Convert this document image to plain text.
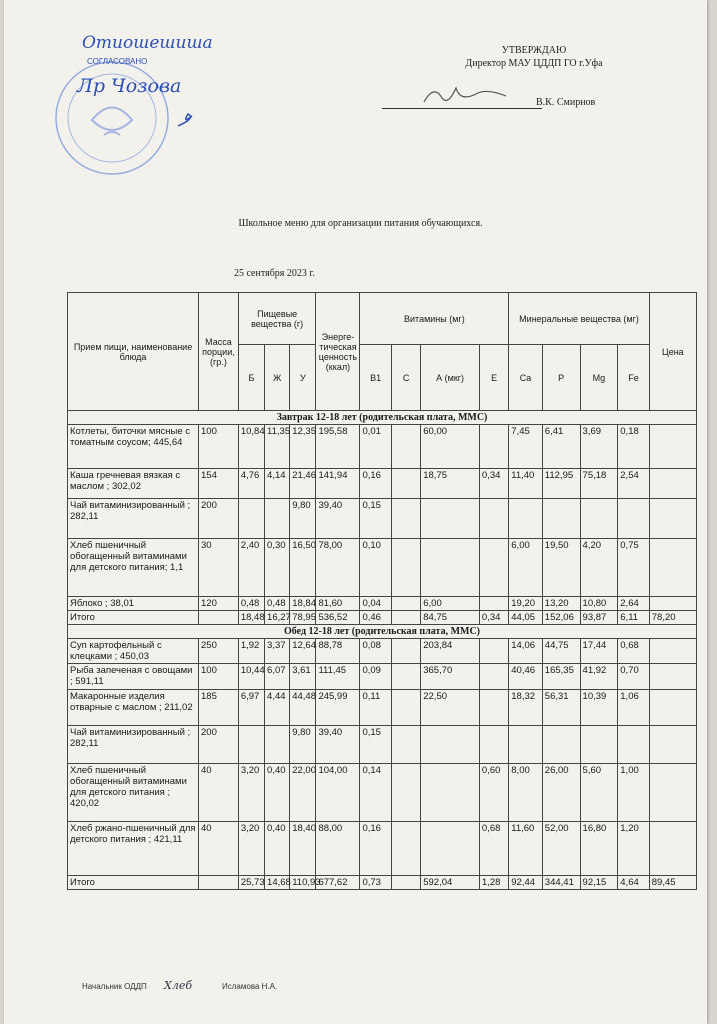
Отиошешиша
СОГЛАСОВАНО
Лр Чозова
УТВЕРЖДАЮ
Директор МАУ ЦДДП ГО г.Уфа
В.К. Смирнов
Школьное меню для организации питания обучающихся.
25 сентября 2023 г.
Прием пищи, наименование блюда	Масса порции, (гр.)	Пищевые вещества (г)			Энерге-тическая ценность (ккал)	Витамины (мг)				Минеральные вещества (мг)				Цена
		Б	Ж	У		В1	С	А (мкг)	Е	Ca	P	Mg	Fe	
Завтрак 12-18 лет (родительская плата, ММС)														
Котлеты, биточки мясные с томатным соусом; 445,64	100	10,84	11,35	12,35	195,58	0,01		60,00		7,45	6,41	3,69	0,18	
Каша гречневая вязкая с маслом ; 302,02	154	4,76	4,14	21,46	141,94	0,16		18,75	0,34	11,40	112,95	75,18	2,54	
Чай витаминизированный ; 282,11	200			9,80	39,40	0,15								
Хлеб пшеничный обогащенный витаминами для детского питания; 1,1	30	2,40	0,30	16,50	78,00	0,10				6,00	19,50	4,20	0,75	
Яблоко ; 38,01	120	0,48	0,48	18,84	81,60	0,04		6,00		19,20	13,20	10,80	2,64	
Итого		18,48	16,27	78,95	536,52	0,46		84,75	0,34	44,05	152,06	93,87	6,11	78,20
Обед 12-18 лет (родительская плата, ММС)														
Суп картофельный с клецками ; 450,03	250	1,92	3,37	12,64	88,78	0,08		203,84		14,06	44,75	17,44	0,68	
Рыба запеченая с овощами ; 591,11	100	10,44	6,07	3,61	111,45	0,09		365,70		40,46	165,35	41,92	0,70	
Макаронные изделия отварные с маслом ; 211,02	185	6,97	4,44	44,48	245,99	0,11		22,50		18,32	56,31	10,39	1,06	
Чай витаминизированный ; 282,11	200			9,80	39,40	0,15								
Хлеб пшеничный обогащенный витаминами для детского питания ; 420,02	40	3,20	0,40	22,00	104,00	0,14			0,60	8,00	26,00	5,60	1,00	
Хлеб ржано-пшеничный для детского питания ; 421,11	40	3,20	0,40	18,40	88,00	0,16			0,68	11,60	52,00	16,80	1,20	
Итого		25,73	14,68	110,93	677,62	0,73		592,04	1,28	92,44	344,41	92,15	4,64	89,45
Начальник ОДДП Хлеб	Исламова Н.А.
